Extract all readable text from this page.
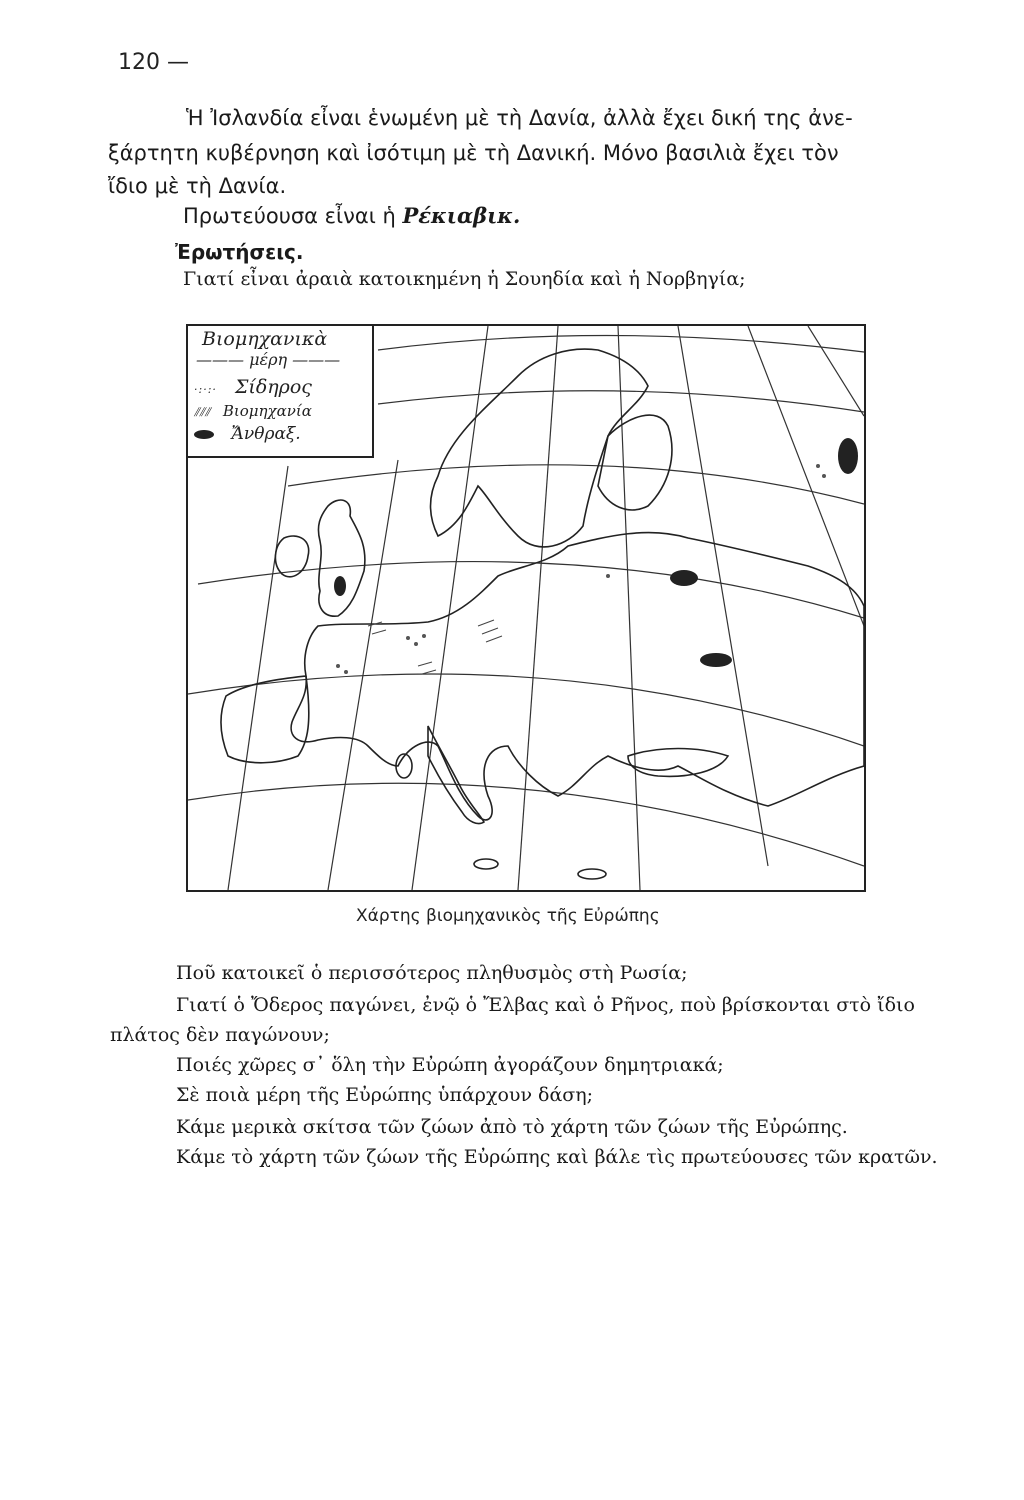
120 —
Ἡ Ἰσλανδία εἶναι ἑνωμένη μὲ τὴ Δανία, ἀλλὰ ἔχει δική της ἀνε-
ξάρτητη κυβέρνηση καὶ ἰσότιμη μὲ τὴ Δανική. Μόνο βασιλιὰ ἔχει τὸν
ἴδιο μὲ τὴ Δανία.
Πρωτεύουσα εἶναι ἡ Ρέκιαβικ.
Ἐρωτήσεις.
Γιατί εἶναι ἀραιὰ κατοικημένη ἡ Σουηδία καὶ ἡ Νορβηγία;
Βιομηχανικὰ
——— μέρη ———
·:·:· Σίδηρος
⫽⫽⫽ Βιομηχανία
Ἄνθραξ.
Χάρτης βιομηχανικὸς τῆς Εὐρώπης
Ποῦ κατοικεῖ ὁ περισσότερος πληθυσμὸς στὴ Ρωσία;
Γιατί ὁ Ὄδερος παγώνει, ἐνῷ ὁ Ἔλβας καὶ ὁ Ρῆνος, ποὺ βρίσκονται στὸ ἴδιο
πλάτος δὲν παγώνουν;
Ποιές χῶρες σ᾿ ὅλη τὴν Εὐρώπη ἀγοράζουν δημητριακά;
Σὲ ποιὰ μέρη τῆς Εὐρώπης ὑπάρχουν δάση;
Κάμε μερικὰ σκίτσα τῶν ζώων ἀπὸ τὸ χάρτη τῶν ζώων τῆς Εὐρώπης.
Κάμε τὸ χάρτη τῶν ζώων τῆς Εὐρώπης καὶ βάλε τὶς πρωτεύουσες τῶν κρατῶν.
